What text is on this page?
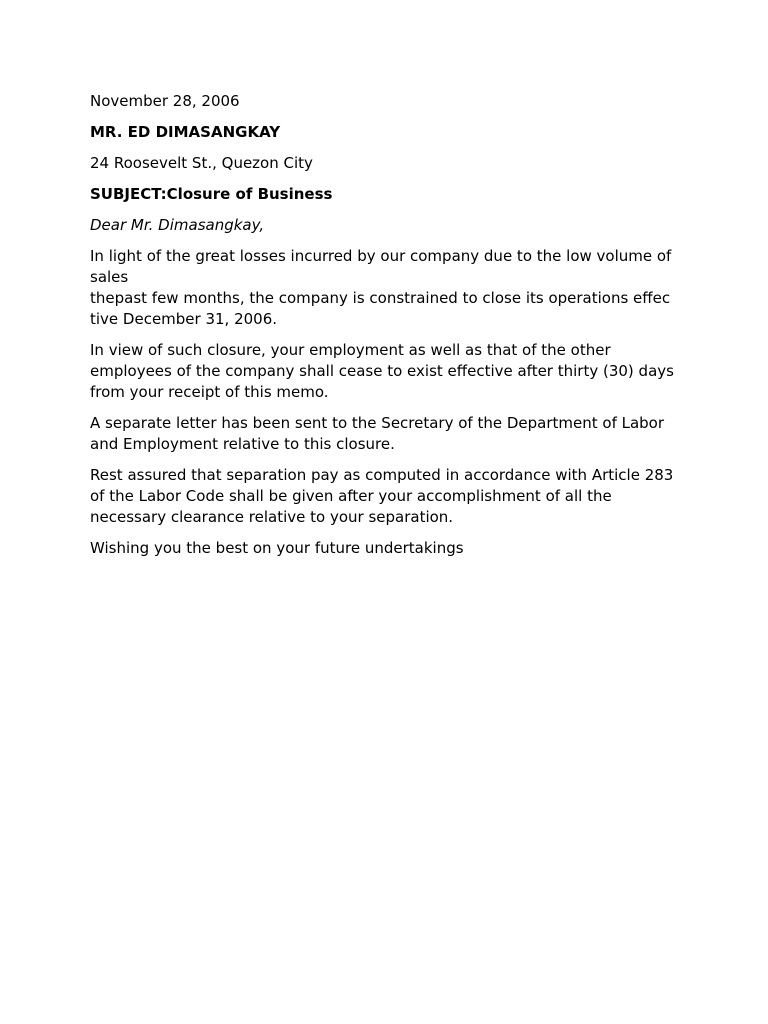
November 28, 2006

MR. ED DIMASANGKAY

24 Roosevelt St., Quezon City

SUBJECT:Closure of Business

Dear Mr. Dimasangkay,

In light of the great losses incurred by our company due to the low volume of

sales

thepast few months, the company is constrained to close its operations effec

tive December 31, 2006.

In view of such closure, your employment as well as that of the other

employees of the company shall cease to exist effective after thirty (30) days

from your receipt of this memo.

A separate letter has been sent to the Secretary of the Department of Labor

and Employment relative to this closure.

Rest assured that separation pay as computed in accordance with Article 283

of the Labor Code shall be given after your accomplishment of all the

necessary clearance relative to your separation.

Wishing you the best on your future undertakings
